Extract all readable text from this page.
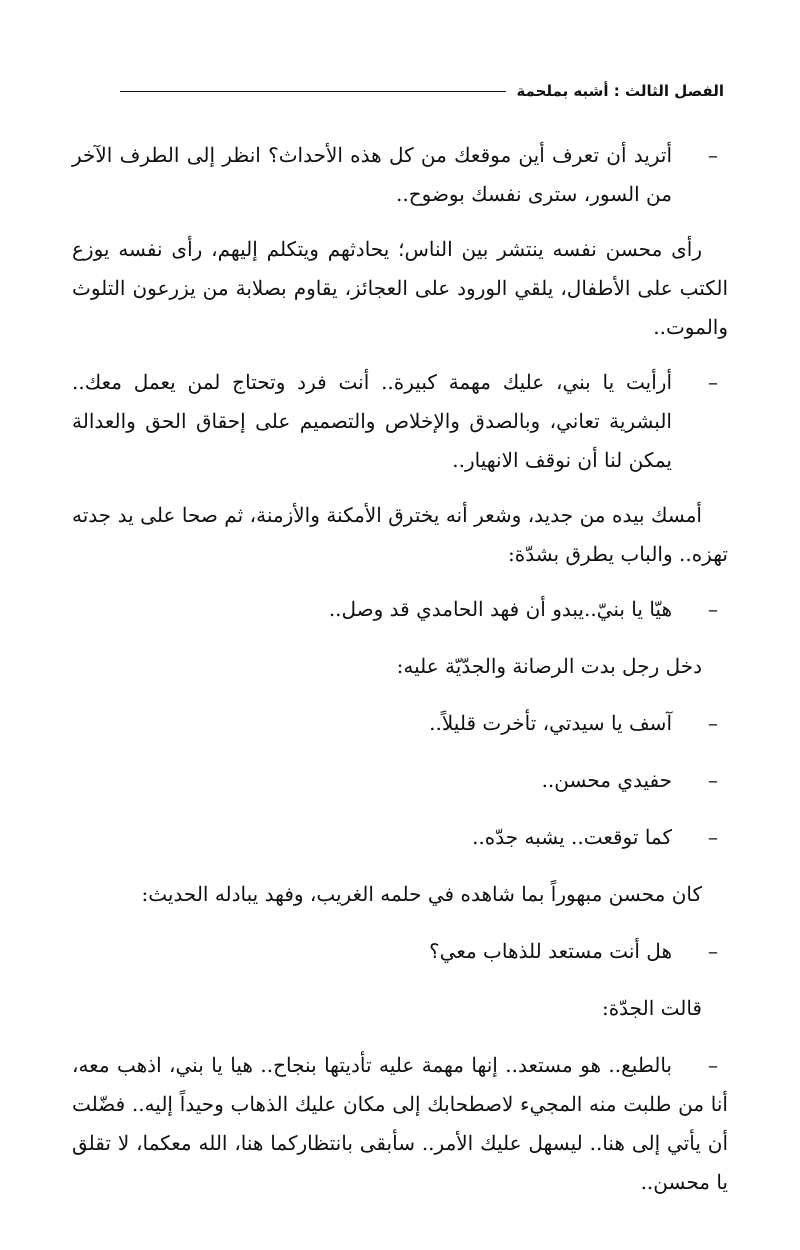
الفصل الثالث : أشبه بملحمة
–
أتريد أن تعرف أين موقعك من كل هذه الأحداث؟ انظر إلى الطرف الآخر من السور، سترى نفسك بوضوح..
رأى محسن نفسه ينتشر بين الناس؛ يحادثهم ويتكلم إليهم، رأى نفسه يوزع الكتب على الأطفال، يلقي الورود على العجائز، يقاوم بصلابة من يزرعون التلوث والموت..
–
أرأيت يا بني، عليك مهمة كبيرة.. أنت فرد وتحتاج لمن يعمل معك.. البشرية تعاني، وبالصدق والإخلاص والتصميم على إحقاق الحق والعدالة يمكن لنا أن نوقف الانهيار..
أمسك بيده من جديد، وشعر أنه يخترق الأمكنة والأزمنة، ثم صحا على يد جدته تهزه.. والباب يطرق بشدّة:
–
هيّا يا بنيّ..يبدو أن فهد الحامدي قد وصل..
دخل رجل بدت الرصانة والجدّيّة عليه:
–
آسف يا سيدتي، تأخرت قليلاً..
–
حفيدي محسن..
–
كما توقعت.. يشبه جدّه..
كان محسن مبهوراً بما شاهده في حلمه الغريب، وفهد يبادله الحديث:
–
هل أنت مستعد للذهاب معي؟
قالت الجدّة:
–بالطبع.. هو مستعد.. إنها مهمة عليه تأديتها بنجاح.. هيا يا بني، اذهب معه، أنا من طلبت منه المجيء لاصطحابك إلى مكان عليك الذهاب وحيداً إليه.. فضّلت أن يأتي إلى هنا.. ليسهل عليك الأمر.. سأبقى بانتظاركما هنا، الله معكما، لا تقلق يا محسن..
